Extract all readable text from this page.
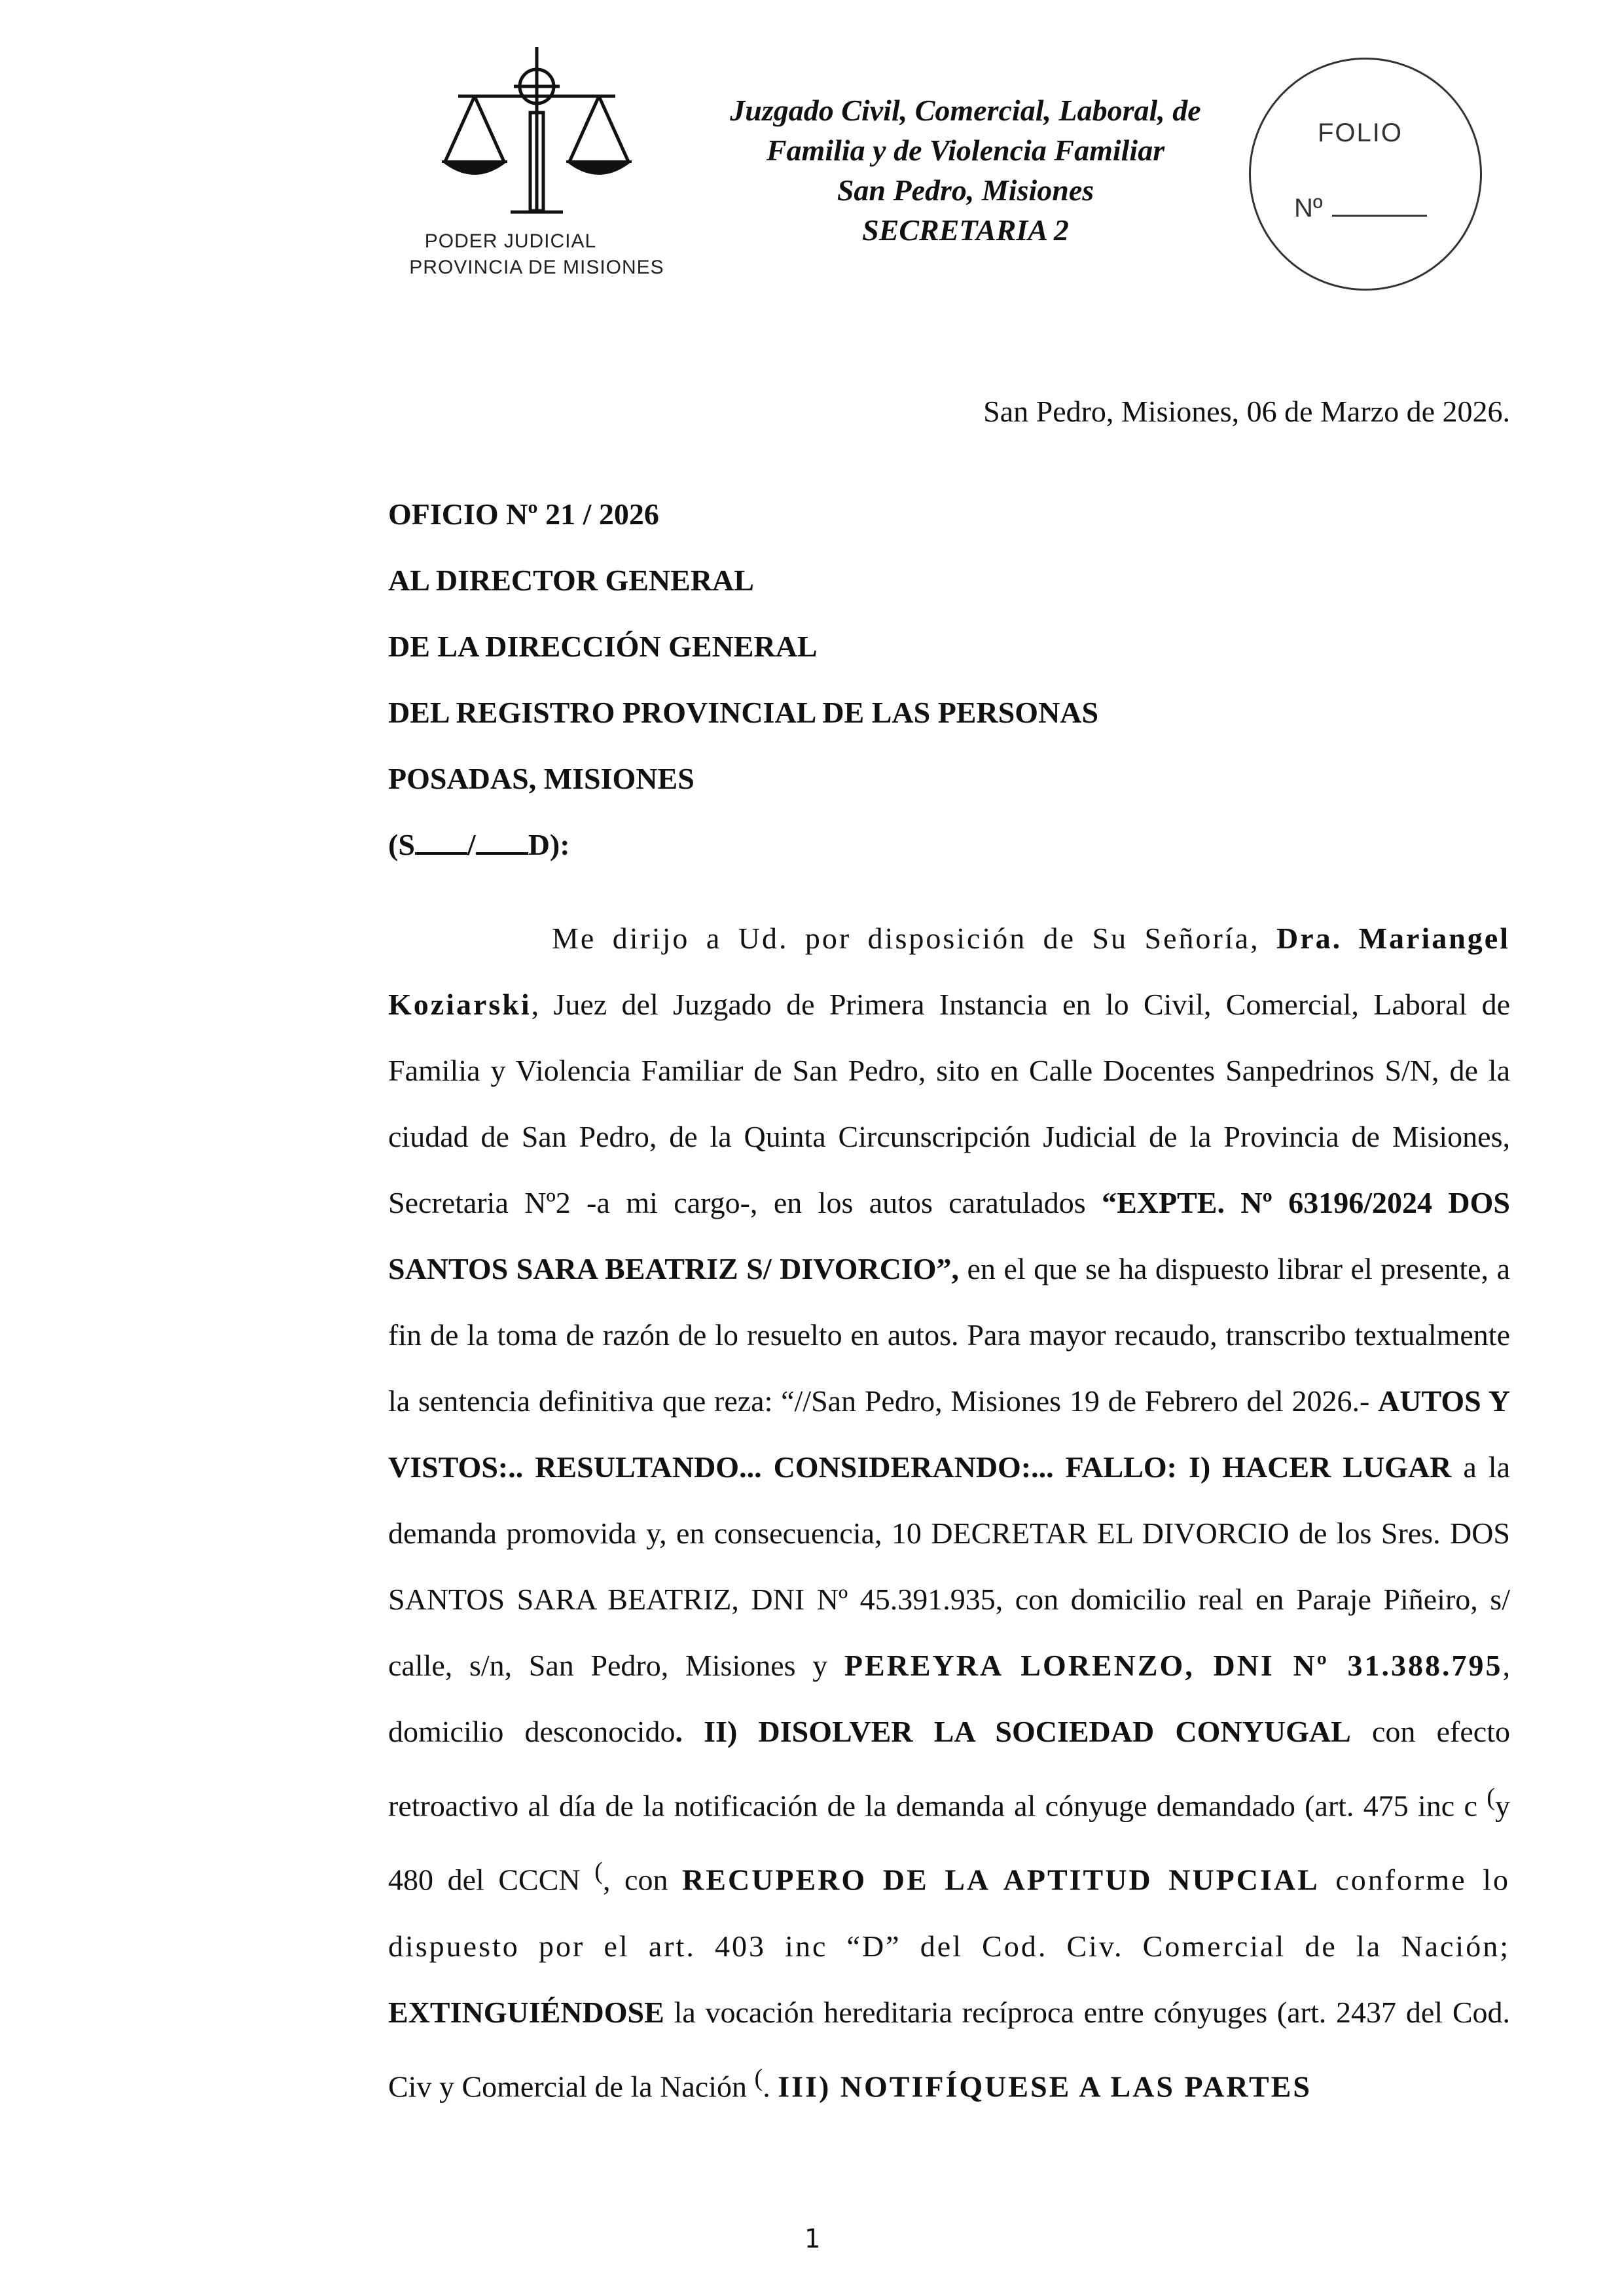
PODER JUDICIAL
PROVINCIA DE MISIONES
Juzgado Civil, Comercial, Laboral, de
Familia y de Violencia Familiar
San Pedro, Misiones
SECRETARIA 2
FOLIO
Nº
San Pedro, Misiones, 06 de Marzo de 2026.
OFICIO Nº 21 / 2026
AL DIRECTOR GENERAL
DE LA DIRECCIÓN GENERAL
DEL REGISTRO PROVINCIAL DE LAS PERSONAS
POSADAS, MISIONES
(S / D):

Me dirijo a Ud. por disposición de Su Señoría, Dra. Mariangel Koziarski, Juez del Juzgado de Primera Instancia en lo Civil, Comercial, Laboral de Familia y Violencia Familiar de San Pedro, sito en Calle Docentes Sanpedrinos S/N, de la ciudad de San Pedro, de la Quinta Circunscripción Judicial de la Provincia de Misiones, Secretaria Nº2 -a mi cargo-, en los autos caratulados “EXPTE. Nº 63196/2024 DOS SANTOS SARA BEATRIZ S/ DIVORCIO”, en el que se ha dispuesto librar el presente, a fin de la toma de razón de lo resuelto en autos. Para mayor recaudo, transcribo textualmente la sentencia definitiva que reza: “//San Pedro, Misiones 19 de Febrero del 2026.- AUTOS Y VISTOS:.. RESULTANDO... CONSIDERANDO:... FALLO: I) HACER LUGAR a la demanda promovida y, en consecuencia, 10 DECRETAR EL DIVORCIO de los Sres. DOS SANTOS SARA BEATRIZ, DNI Nº 45.391.935, con domicilio real en Paraje Piñeiro, s/ calle, s/n, San Pedro, Misiones y PEREYRA LORENZO, DNI Nº 31.388.795, domicilio desconocido. II) DISOLVER LA SOCIEDAD CONYUGAL con efecto retroactivo al día de la notificación de la demanda al cónyuge demandado (art. 475 inc c (y 480 del CCCN (, con RECUPERO DE LA APTITUD NUPCIAL conforme lo dispuesto por el art. 403 inc “D” del Cod. Civ. Comercial de la Nación; EXTINGUIÉNDOSE la vocación hereditaria recíproca entre cónyuges (art. 2437 del Cod. Civ y Comercial de la Nación (. III) NOTIFÍQUESE A LAS PARTES

1
